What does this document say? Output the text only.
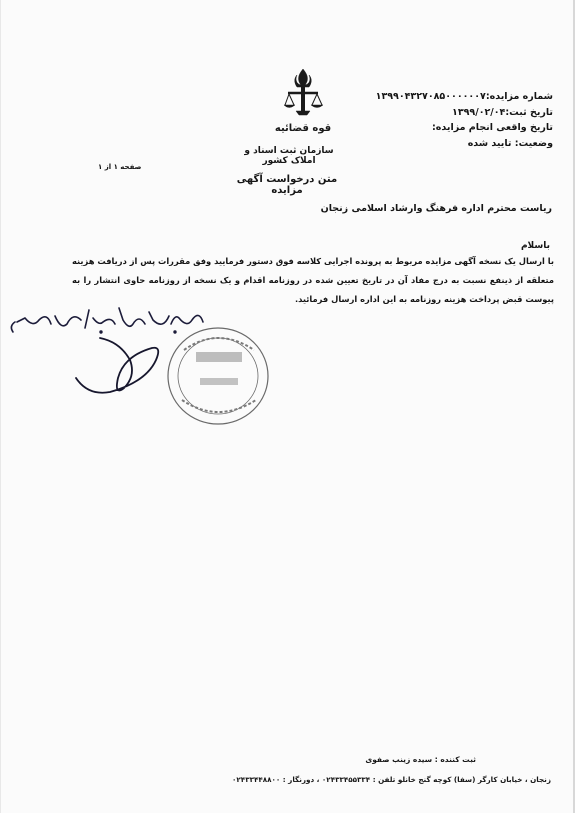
شماره مزایده:۱۳۹۹۰۴۳۲۷۰۸۵۰۰۰۰۰۰۷
تاریخ ثبت:۱۳۹۹/۰۲/۰۴
تاریخ واقعی انجام مزایده:
وضعیت: تایید شده
قوه قضائیه
سازمان ثبت اسناد و املاک کشور
صفحه ۱ از ۱
متن درخواست آگهی مزایده
ریاست محترم اداره فرهنگ وارشاد اسلامی زنجان
باسلام
با ارسال یک نسخه آگهی مزایده مربوط به پرونده اجرایی کلاسه فوق دستور فرمایید وفق مقررات پس از دریافت هزینه متعلقه از ذینفع نسبت به درج مفاد آن در تاریخ تعیین شده در روزنامه اقدام و یک نسخه از روزنامه حاوی انتشار را به پیوست قبض پرداخت هزینه روزنامه به این اداره ارسال فرمائید.
ثبت کننده : سیده زینب صفوی
زنجان ، خیابان کارگر (سفا) کوچه گنج خانلو تلفن : ۰۲۴۳۳۴۵۵۳۳۴ ، دورنگار : ۰۲۴۳۳۴۴۸۸۰۰
